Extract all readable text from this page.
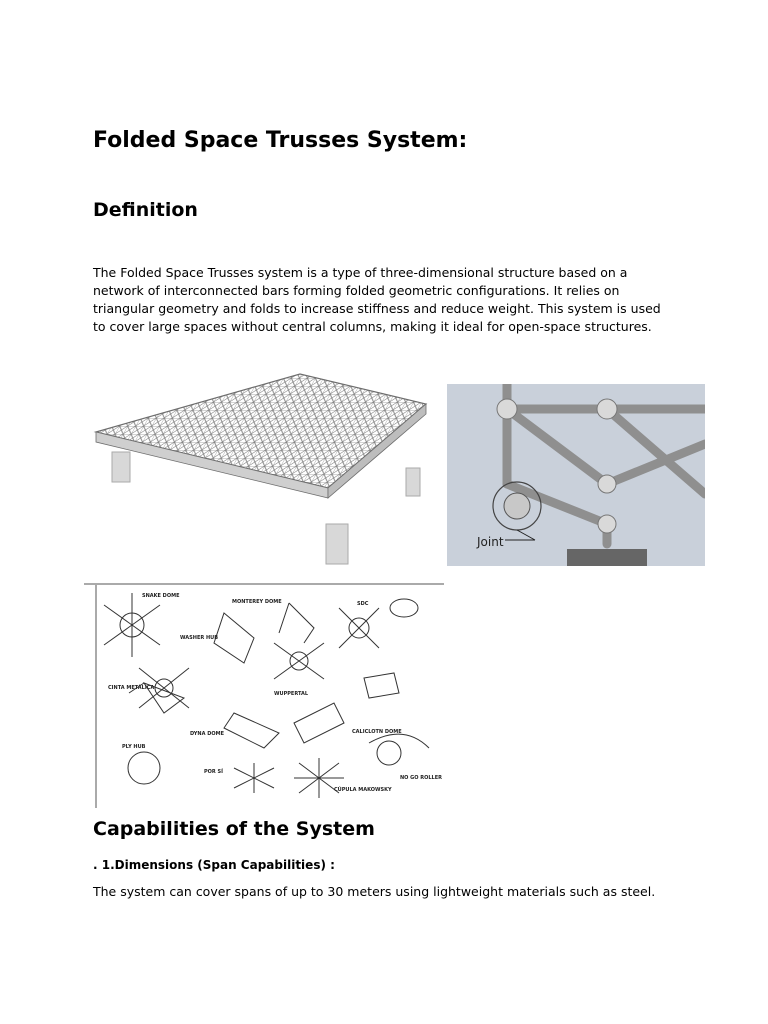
Folded Space Trusses System:
Definition

The Folded Space Trusses system is a type of three-dimensional structure based on a network of interconnected bars forming folded geometric configurations. It relies on triangular geometry and folds to increase stiffness and reduce weight. This system is used to cover large spaces without central columns, making it ideal for open-space structures.

Joint
SNAKE DOME
MONTEREY DOME	SDC
WASHER HUB
CINTA METÁLICA
WUPPERTAL
DYNA DOME
PLY HUB
POR SÍ
CALICLOTN DOME
CÚPULA MAKOWSKY
NO GO ROLLER
Capabilities of the System

. 1.Dimensions (Span Capabilities) :

The system can cover spans of up to 30 meters using lightweight materials such as steel.
